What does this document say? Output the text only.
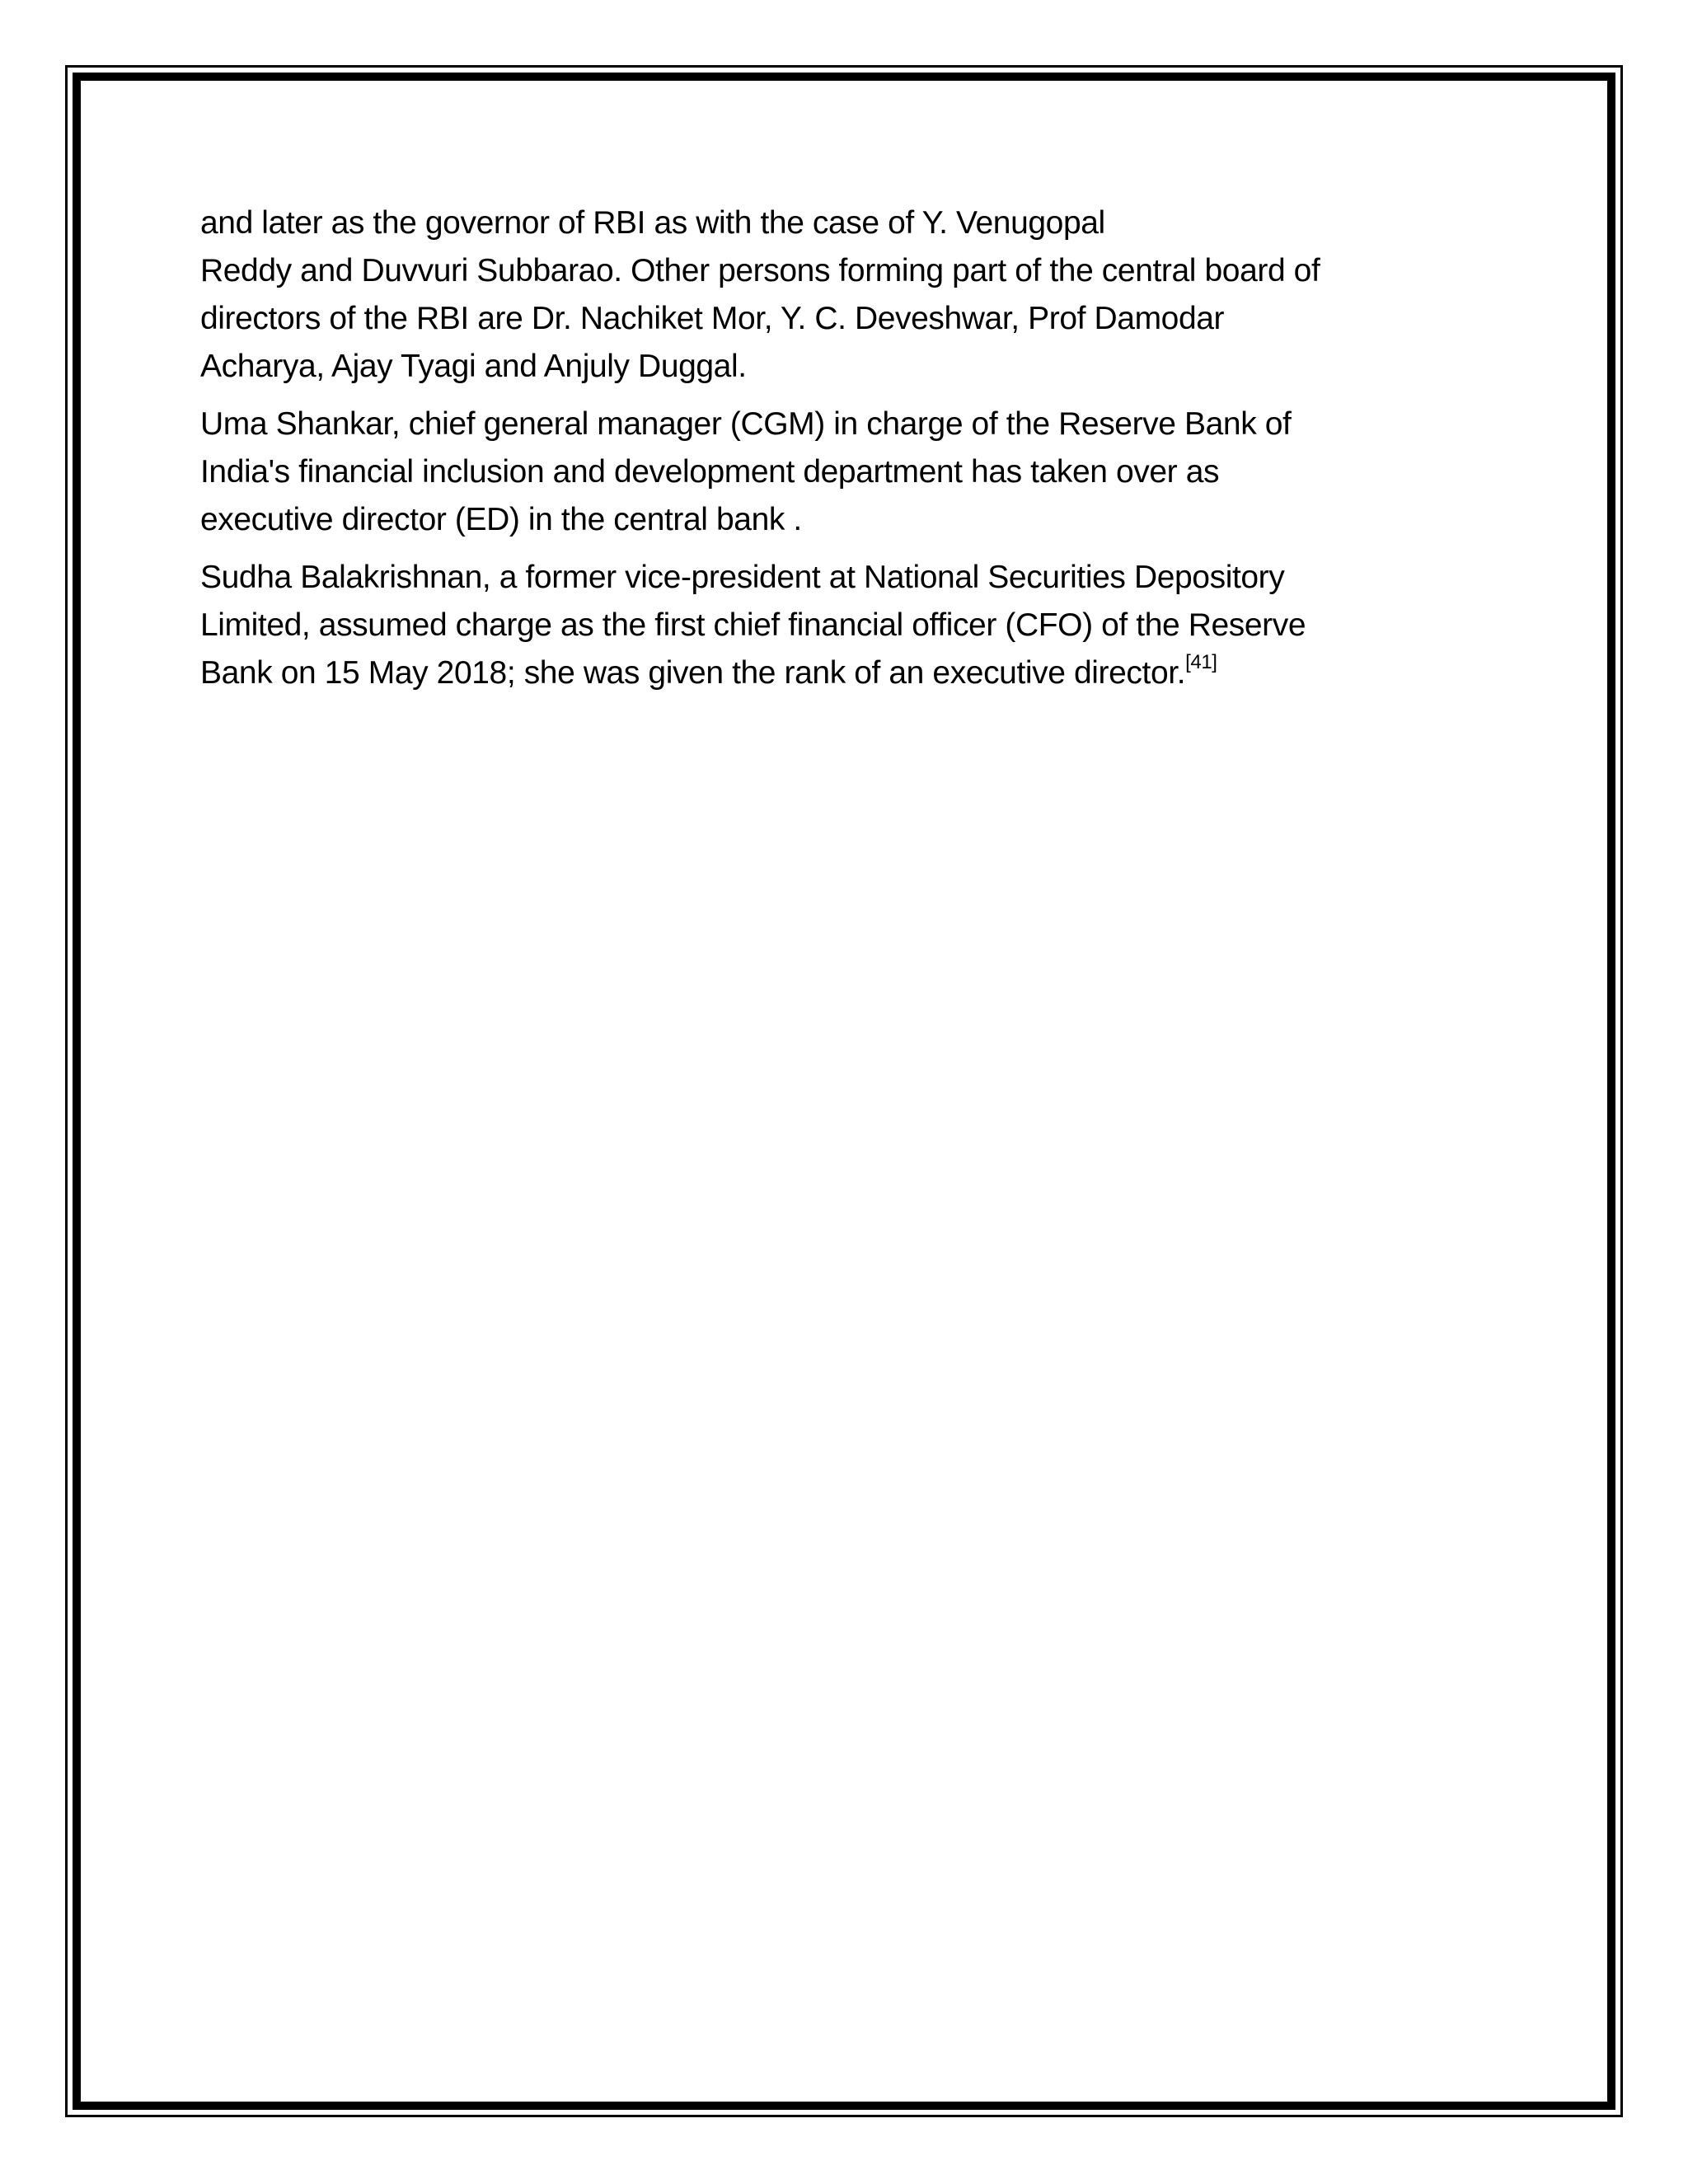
and later as the governor of RBI as with the case of Y. Venugopal
Reddy and Duvvuri Subbarao. Other persons forming part of the central board of
directors of the RBI are Dr. Nachiket Mor, Y. C. Deveshwar, Prof Damodar
Acharya, Ajay Tyagi and Anjuly Duggal.

Uma Shankar, chief general manager (CGM) in charge of the Reserve Bank of
India's financial inclusion and development department has taken over as
executive director (ED) in the central bank .

Sudha Balakrishnan, a former vice-president at National Securities Depository
Limited, assumed charge as the first chief financial officer (CFO) of the Reserve
Bank on 15 May 2018; she was given the rank of an executive director.[41]
